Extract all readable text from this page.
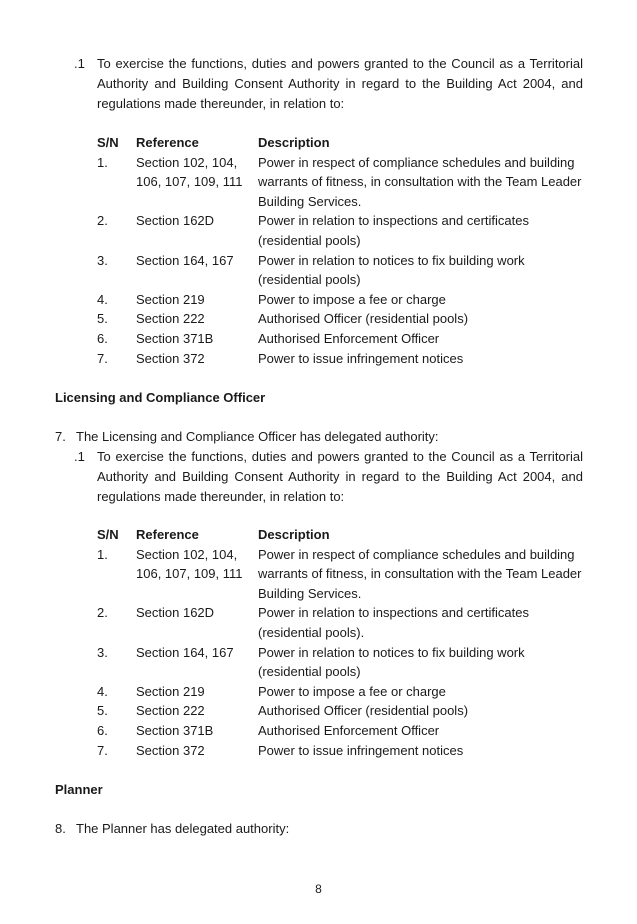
.1 To exercise the functions, duties and powers granted to the Council as a Territorial
Authority and Building Consent Authority in regard to the Building Act 2004, and
regulations made thereunder, in relation to:
S/N	Reference	Description
1.	Section 102, 104, 106, 107, 109, 111	Power in respect of compliance schedules and building warrants of fitness, in consultation with the Team Leader Building Services.
2.	Section 162D	Power in relation to inspections and certificates (residential pools)
3.	Section 164, 167	Power in relation to notices to fix building work (residential pools)
4.	Section 219	Power to impose a fee or charge
5.	Section 222	Authorised Officer (residential pools)
6.	Section 371B	Authorised Enforcement Officer
7.	Section 372	Power to issue infringement notices
Licensing and Compliance Officer
7. The Licensing and Compliance Officer has delegated authority:
.1 To exercise the functions, duties and powers granted to the Council as a Territorial
Authority and Building Consent Authority in regard to the Building Act 2004, and
regulations made thereunder, in relation to:
S/N	Reference	Description
1.	Section 102, 104, 106, 107, 109, 111	Power in respect of compliance schedules and building warrants of fitness, in consultation with the Team Leader Building Services.
2.	Section 162D	Power in relation to inspections and certificates (residential pools).
3.	Section 164, 167	Power in relation to notices to fix building work (residential pools)
4.	Section 219	Power to impose a fee or charge
5.	Section 222	Authorised Officer (residential pools)
6.	Section 371B	Authorised Enforcement Officer
7.	Section 372	Power to issue infringement notices
Planner
8. The Planner has delegated authority:
8
